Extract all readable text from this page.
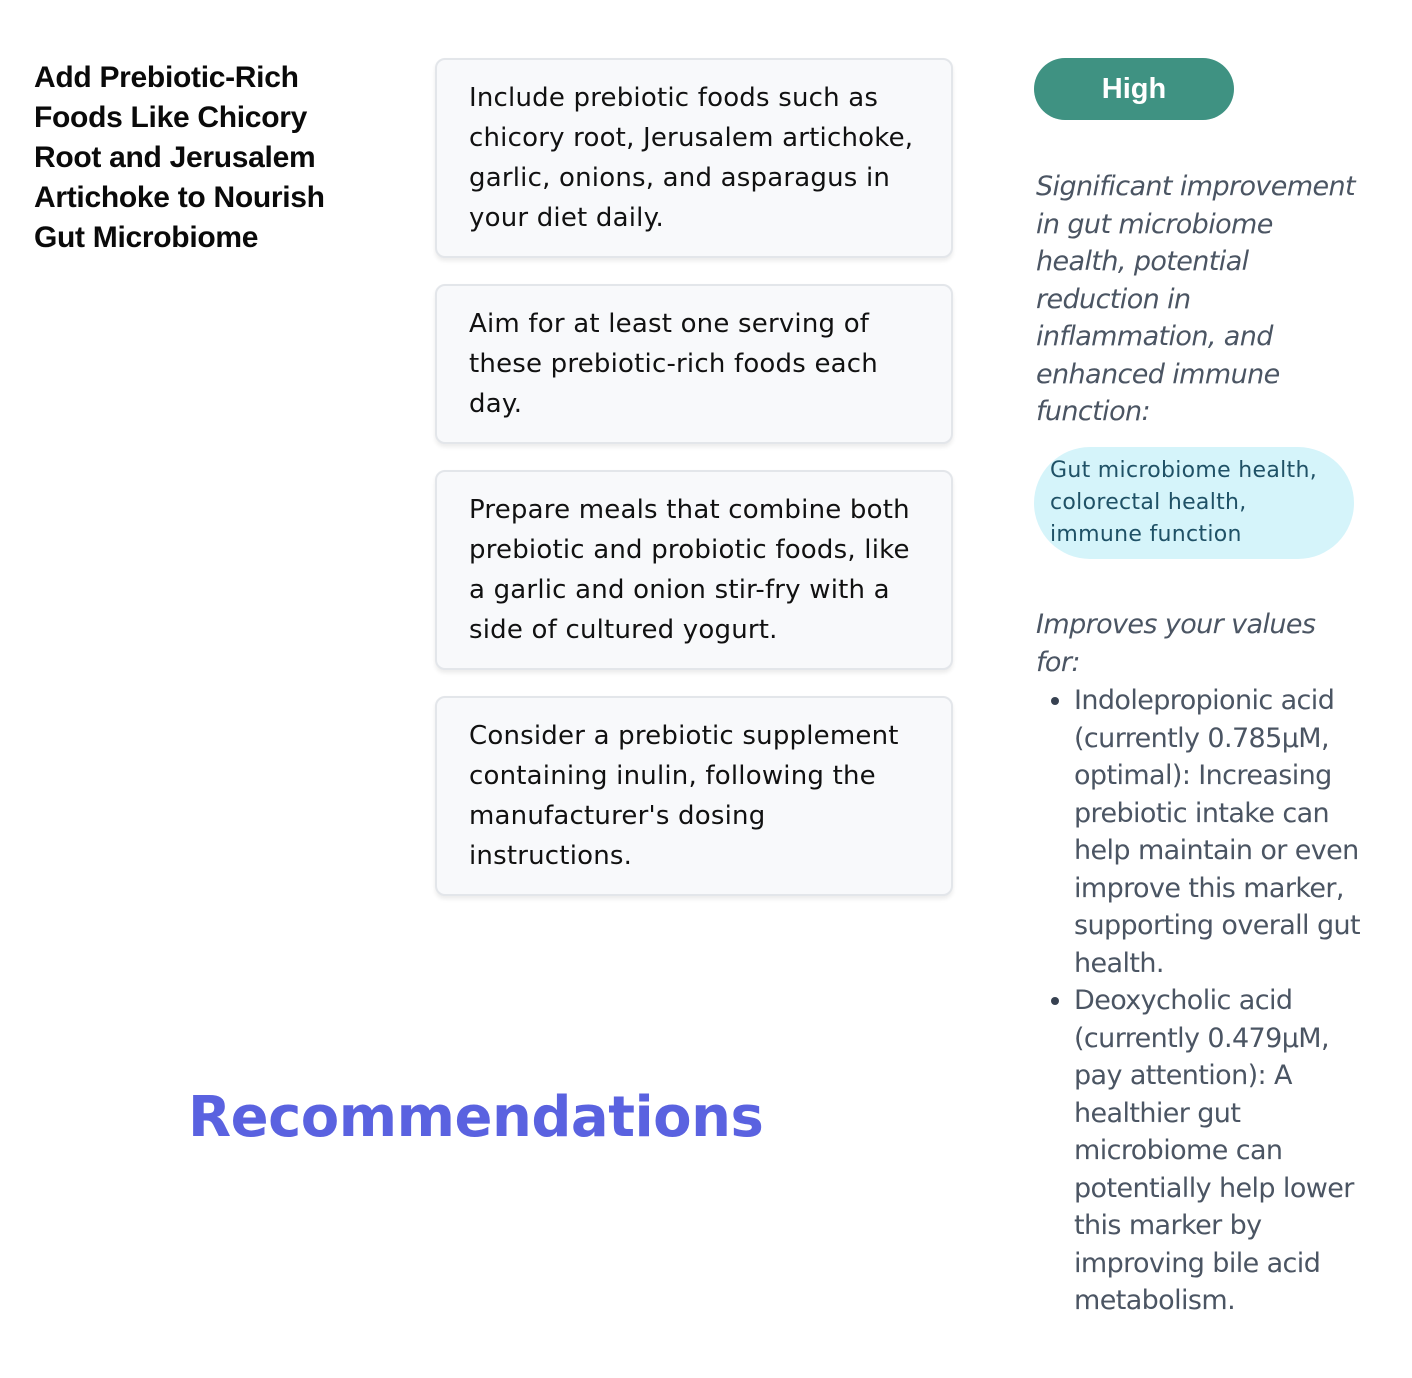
Add Prebiotic-Rich Foods Like Chicory Root and Jerusalem Artichoke to Nourish Gut Microbiome
Include prebiotic foods such as chicory root, Jerusalem artichoke, garlic, onions, and asparagus in your diet daily.
Aim for at least one serving of these prebiotic-rich foods each day.
Prepare meals that combine both prebiotic and probiotic foods, like a garlic and onion stir-fry with a side of cultured yogurt.
Consider a prebiotic supplement containing inulin, following the manufacturer's dosing instructions.
High

Significant improvement in gut microbiome health, potential reduction in inflammation, and enhanced immune function:

Gut microbiome health, colorectal health, immune function

Improves your values for:

• Indolepropionic acid (currently 0.785µM, optimal): Increasing prebiotic intake can help maintain or even improve this marker, supporting overall gut health.
• Deoxycholic acid (currently 0.479µM, pay attention): A healthier gut microbiome can potentially help lower this marker by improving bile acid metabolism.
Recommendations
